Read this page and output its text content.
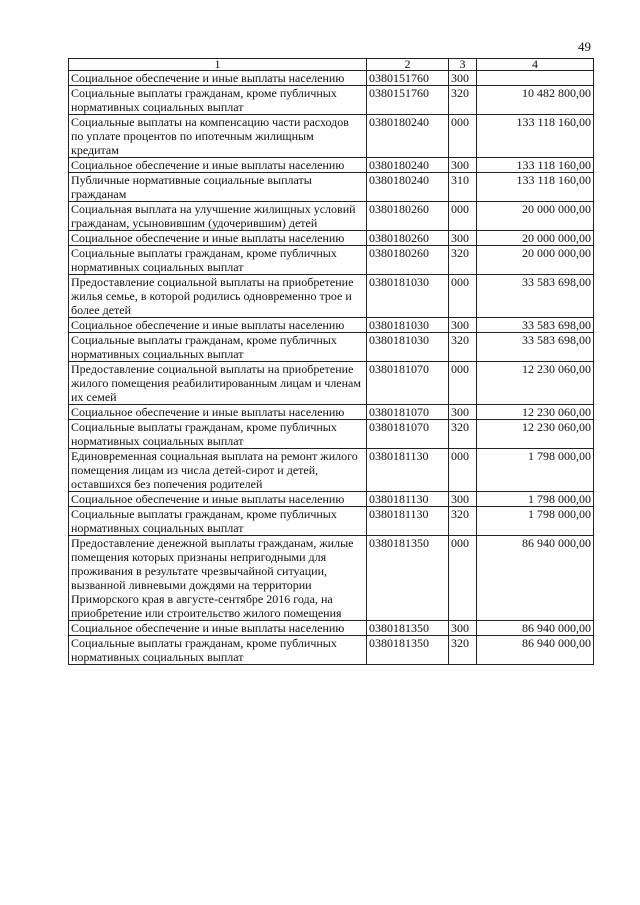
49
1	2	3	4
Социальное обеспечение и иные выплаты населению	0380151760	300	
Социальные выплаты гражданам, кроме публичных нормативных социальных выплат	0380151760	320	10 482 800,00
Социальные выплаты на компенсацию части расходов по уплате процентов по ипотечным жилищным кредитам	0380180240	000	133 118 160,00
Социальное обеспечение и иные выплаты населению	0380180240	300	133 118 160,00
Публичные нормативные социальные выплаты гражданам	0380180240	310	133 118 160,00
Социальная выплата на улучшение жилищных условий гражданам, усыновившим (удочерившим) детей	0380180260	000	20 000 000,00
Социальное обеспечение и иные выплаты населению	0380180260	300	20 000 000,00
Социальные выплаты гражданам, кроме публичных нормативных социальных выплат	0380180260	320	20 000 000,00
Предоставление социальной выплаты на приобретение жилья семье, в которой родились одновременно трое и более детей	0380181030	000	33 583 698,00
Социальное обеспечение и иные выплаты населению	0380181030	300	33 583 698,00
Социальные выплаты гражданам, кроме публичных нормативных социальных выплат	0380181030	320	33 583 698,00
Предоставление социальной выплаты на приобретение жилого помещения реабилитированным лицам и членам их семей	0380181070	000	12 230 060,00
Социальное обеспечение и иные выплаты населению	0380181070	300	12 230 060,00
Социальные выплаты гражданам, кроме публичных нормативных социальных выплат	0380181070	320	12 230 060,00
Единовременная социальная выплата на ремонт жилого помещения лицам из числа детей-сирот и детей, оставшихся без попечения родителей	0380181130	000	1 798 000,00
Социальное обеспечение и иные выплаты населению	0380181130	300	1 798 000,00
Социальные выплаты гражданам, кроме публичных нормативных социальных выплат	0380181130	320	1 798 000,00
Предоставление денежной выплаты гражданам, жилые помещения которых признаны непригодными для проживания в результате чрезвычайной ситуации, вызванной ливневыми дождями на территории Приморского края в августе-сентябре 2016 года, на приобретение или строительство жилого помещения	0380181350	000	86 940 000,00
Социальное обеспечение и иные выплаты населению	0380181350	300	86 940 000,00
Социальные выплаты гражданам, кроме публичных нормативных социальных выплат	0380181350	320	86 940 000,00
